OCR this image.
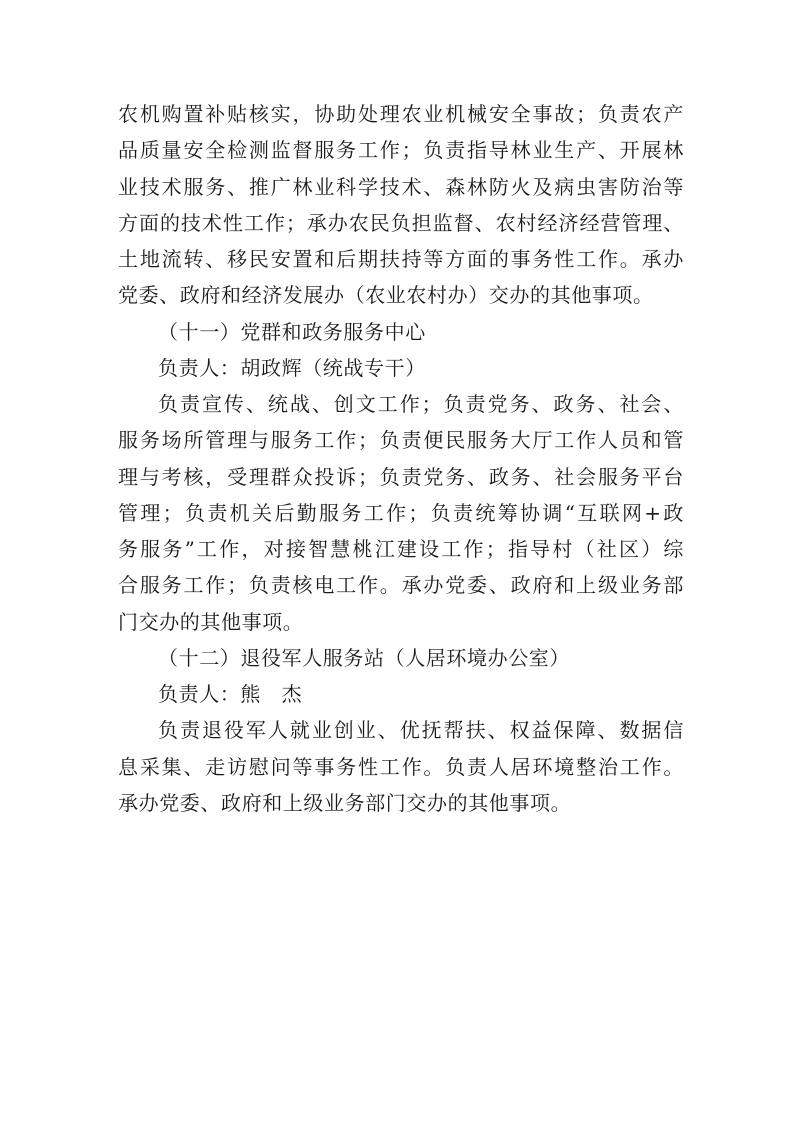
农机购置补贴核实，协助处理农业机械安全事故；负责农产
品质量安全检测监督服务工作；负责指导林业生产、开展林
业技术服务、推广林业科学技术、森林防火及病虫害防治等
方面的技术性工作；承办农民负担监督、农村经济经营管理、
土地流转、移民安置和后期扶持等方面的事务性工作。承办
党委、政府和经济发展办（农业农村办）交办的其他事项。
（十一）党群和政务服务中心
负责人：胡政辉（统战专干）
负责宣传、统战、创文工作；负责党务、政务、社会、
服务场所管理与服务工作；负责便民服务大厅工作人员和管
理与考核，受理群众投诉；负责党务、政务、社会服务平台
管理；负责机关后勤服务工作；负责统筹协调“互联网+政
务服务”工作，对接智慧桃江建设工作；指导村（社区）综
合服务工作；负责核电工作。承办党委、政府和上级业务部
门交办的其他事项。
（十二）退役军人服务站（人居环境办公室）
负责人：熊　杰
负责退役军人就业创业、优抚帮扶、权益保障、数据信
息采集、走访慰问等事务性工作。负责人居环境整治工作。
承办党委、政府和上级业务部门交办的其他事项。
